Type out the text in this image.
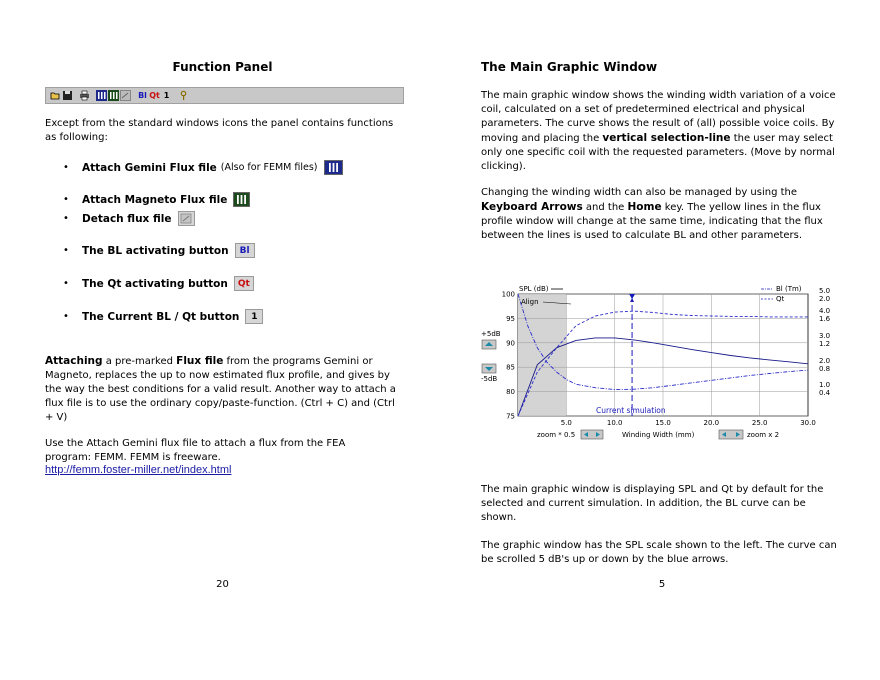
Function Panel
Bl Qt 1

Except from the standard windows icons the panel contains functions as following:

•	Attach Gemini Flux file (Also for FEMM files)
•	Attach Magneto Flux file
•	Detach flux file
•	The BL activating button	Bl
•	The Qt activating button	Qt
•	The Current BL / Qt button	1

Attaching a pre-marked Flux file from the programs Gemini or Magneto, replaces the up to now estimated flux profile, and gives by the way the best conditions for a valid result. Another way to attach a flux file is to use the ordinary copy/paste-function. (Ctrl + C) and (Ctrl + V)

Use the Attach Gemini flux file to attach a flux from the FEA program: FEMM. FEMM is freeware.

http://femm.foster-miller.net/index.html
20
The Main Graphic Window

The main graphic window shows the winding width variation of a voice coil, calculated on a set of predetermined electrical and physical parameters. The curve shows the result of (all) possible voice coils. By moving and placing the vertical selection-line the user may select only one specific coil with the requested parameters. (Move by normal clicking).

Changing the winding width can also be managed by using the Keyboard Arrows and the Home key. The yellow lines in the flux profile window will change at the same time, indicating that the flux between the lines is used to calculate BL and other parameters.

The main graphic window is displaying SPL and Qt by default for the selected and current simulation. In addition, the BL curve can be shown.

The graphic window has the SPL scale shown to the left. The curve can be scrolled 5 dB's up or down by the blue arrows.

5
5.0	10.0	15.0	20.0	25.0	30.0
100
95
90
85
80
75
5.0
2.0
4.0
1.6
3.0
1.2
2.0
0.8
1.0
0.4
SPL (dB)	Bl (Tm)
Qt
Align
+5dB
-5dB
Current simulation
zoom * 0.5	Winding Width (mm)	zoom x 2
